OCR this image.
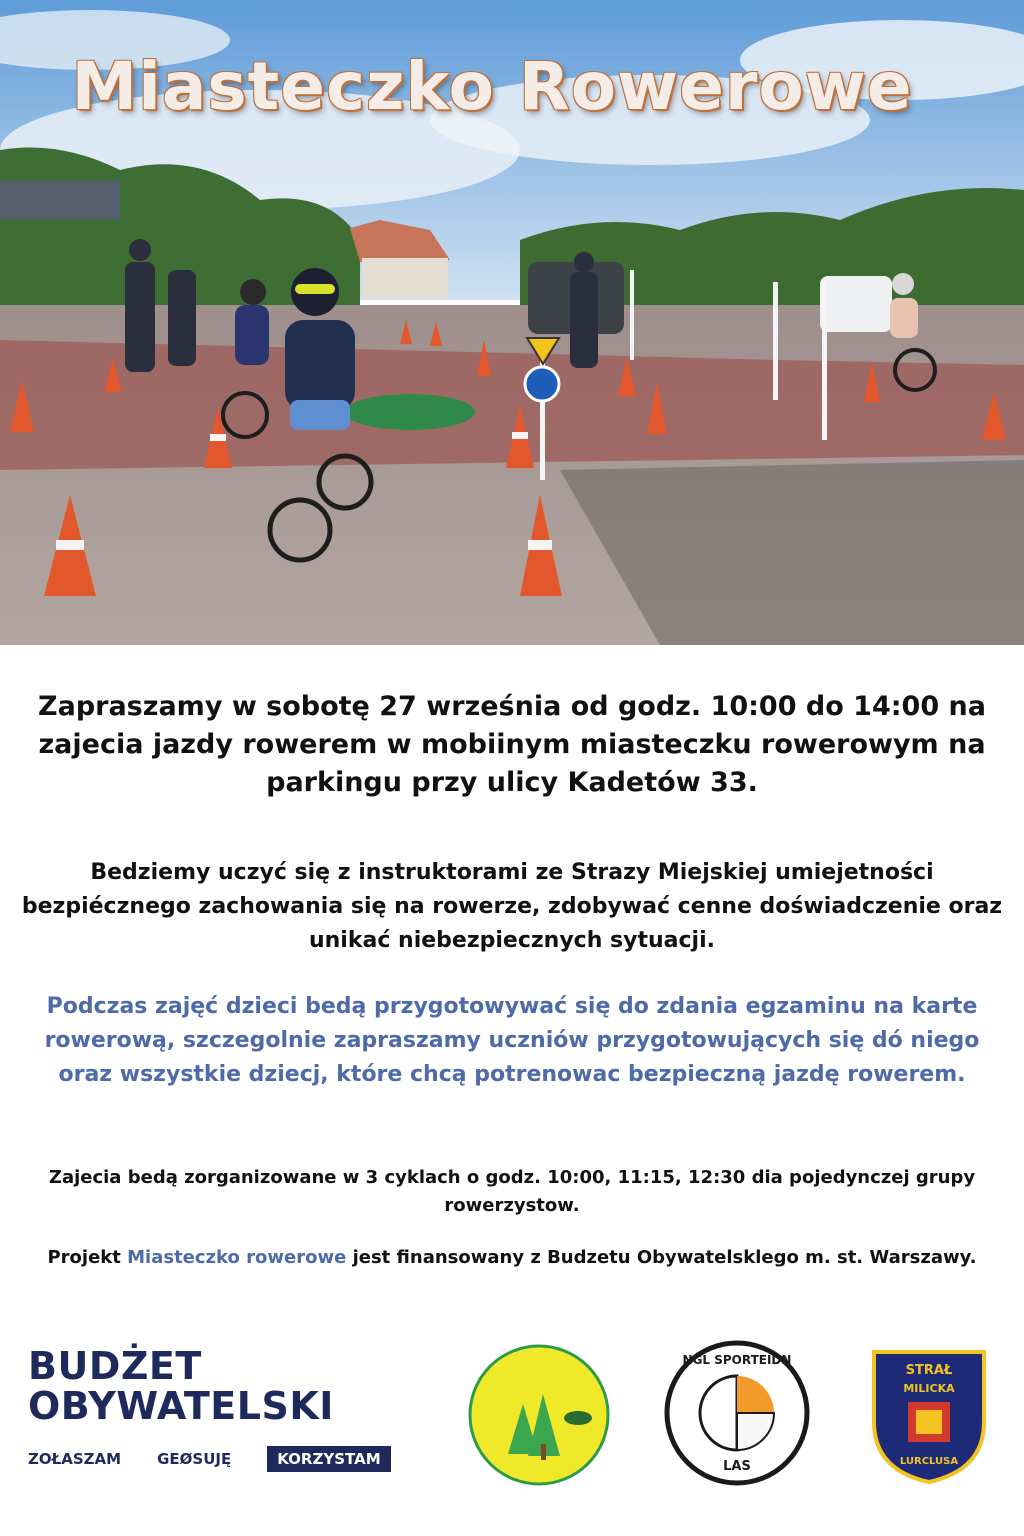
Miasteczko Rowerowe

Zapraszamy w sobotę 27 września od godz. 10:00 do 14:00 na zajecia jazdy rowerem w mobiinym miasteczku rowerowym na parkingu przy ulicy Kadetów 33.

Bedziemy uczyć się z instruktorami ze Strazy Miejskiej umiejetności bezpiécznego zachowania się na rowerze, zdobywać cenne doświadczenie oraz unikać niebezpiecznych sytuacji.

Podczas zajęć dzieci bedą przygotowywać się do zdania egzaminu na karte rowerową, szczegolnie zapraszamy uczniów przygotowujących się dó niego oraz wszystkie dziecj, które chcą potrenowac bezpieczną jazdę rowerem.

Zajecia bedą zorganizowane w 3 cyklach o godz. 10:00, 11:15, 12:30 dia pojedynczej grupy rowerzystow.

Projekt Miasteczko rowerowe jest finansowany z Budzetu Obywatelsklego m. st. Warszawy.

BUDŻET
OBYWATELSKI
ZOŁASZAM GEØSUJĘ	KORZYSTAM
NGL SPORTEIDN
LAS
STRAŁ
MILICKA
LURCLUSA
